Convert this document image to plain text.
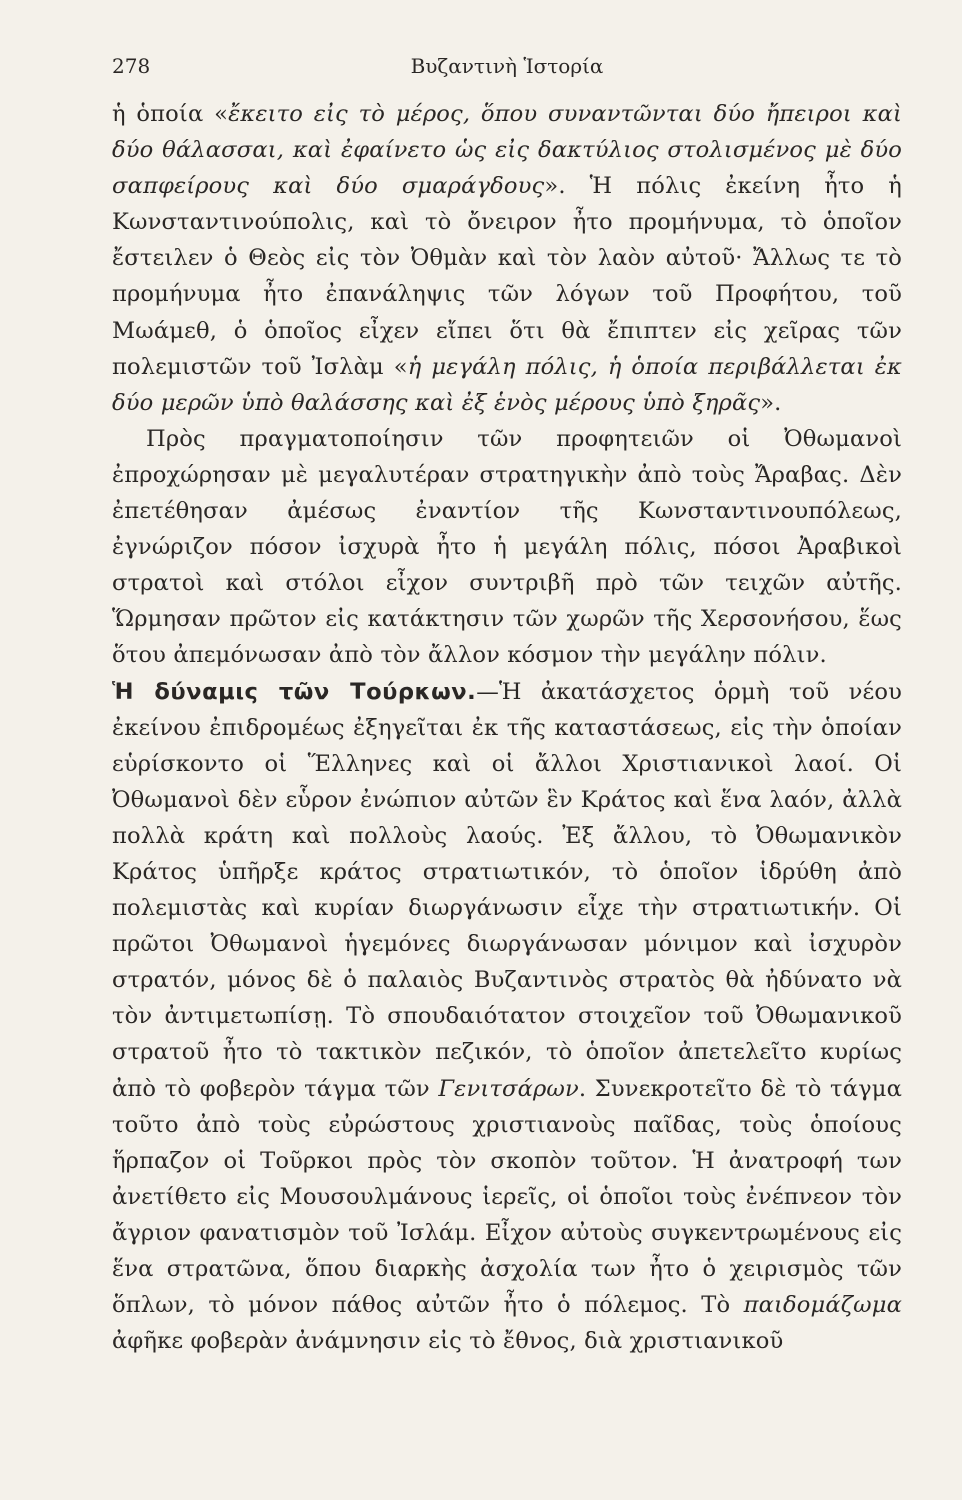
278	Βυζαντινὴ Ἱστορία

ἡ ὁποία «ἔκειτο εἰς τὸ μέρος, ὅπου συναντῶνται δύο ἤπειροι καὶ δύο θάλασσαι, καὶ ἐφαίνετο ὡς εἰς δακτύλιος στολισμένος μὲ δύο σαπφείρους καὶ δύο σμαράγδους». Ἡ πόλις ἐκείνη ἦτο ἡ Κωνσταντινούπολις, καὶ τὸ ὄνειρον ἦτο προμήνυμα, τὸ ὁποῖον ἔστειλεν ὁ Θεὸς εἰς τὸν Ὀθμὰν καὶ τὸν λαὸν αὐτοῦ· Ἄλλως τε τὸ προμήνυμα ἦτο ἐπανάληψις τῶν λόγων τοῦ Προφήτου, τοῦ Μωάμεθ, ὁ ὁποῖος εἶχεν εἴπει ὅτι θὰ ἔπιπτεν εἰς χεῖρας τῶν πολεμιστῶν τοῦ Ἰσλὰμ «ἡ μεγάλη πόλις, ἡ ὁποία περιβάλλεται ἐκ δύο μερῶν ὑπὸ θαλάσσης καὶ ἐξ ἑνὸς μέρους ὑπὸ ξηρᾶς».

Πρὸς πραγματοποίησιν τῶν προφητειῶν οἱ Ὀθωμανοὶ ἐπροχώρησαν μὲ μεγαλυτέραν στρατηγικὴν ἀπὸ τοὺς Ἄραβας. Δὲν ἐπετέθησαν ἀμέσως ἐναντίον τῆς Κωνσταντινουπόλεως, ἐγνώριζον πόσον ἰσχυρὰ ἦτο ἡ μεγάλη πόλις, πόσοι Ἀραβικοὶ στρατοὶ καὶ στόλοι εἶχον συντριβῆ πρὸ τῶν τειχῶν αὐτῆς. Ὥρμησαν πρῶτον εἰς κατάκτησιν τῶν χωρῶν τῆς Χερσονήσου, ἕως ὅτου ἀπεμόνωσαν ἀπὸ τὸν ἄλλον κόσμον τὴν μεγάλην πόλιν.

Ἡ δύναμις τῶν Τούρκων.—Ἡ ἀκατάσχετος ὁρμὴ τοῦ νέου ἐκείνου ἐπιδρομέως ἐξηγεῖται ἐκ τῆς καταστάσεως, εἰς τὴν ὁποίαν εὑρίσκοντο οἱ Ἕλληνες καὶ οἱ ἄλλοι Χριστιανικοὶ λαοί. Οἱ Ὀθωμανοὶ δὲν εὗρον ἐνώπιον αὐτῶν ἓν Κράτος καὶ ἕνα λαόν, ἀλλὰ πολλὰ κράτη καὶ πολλοὺς λαούς. Ἐξ ἄλλου, τὸ Ὀθωμανικὸν Κράτος ὑπῆρξε κράτος στρατιωτικόν, τὸ ὁποῖον ἱδρύθη ἀπὸ πολεμιστὰς καὶ κυρίαν διωργάνωσιν εἶχε τὴν στρατιωτικήν. Οἱ πρῶτοι Ὀθωμανοὶ ἡγεμόνες διωργάνωσαν μόνιμον καὶ ἰσχυρὸν στρατόν, μόνος δὲ ὁ παλαιὸς Βυζαντινὸς στρατὸς θὰ ἠδύνατο νὰ τὸν ἀντιμετωπίσῃ. Τὸ σπουδαιότατον στοιχεῖον τοῦ Ὀθωμανικοῦ στρατοῦ ἦτο τὸ τακτικὸν πεζικόν, τὸ ὁποῖον ἀπετελεῖτο κυρίως ἀπὸ τὸ φοβερὸν τάγμα τῶν Γενιτσάρων. Συνεκροτεῖτο δὲ τὸ τάγμα τοῦτο ἀπὸ τοὺς εὐρώστους χριστιανοὺς παῖδας, τοὺς ὁποίους ἥρπαζον οἱ Τοῦρκοι πρὸς τὸν σκοπὸν τοῦτον. Ἡ ἀνατροφή των ἀνετίθετο εἰς Μουσουλμάνους ἱερεῖς, οἱ ὁποῖοι τοὺς ἐνέπνεον τὸν ἄγριον φανατισμὸν τοῦ Ἰσλάμ. Εἶχον αὐτοὺς συγκεντρωμένους εἰς ἕνα στρατῶνα, ὅπου διαρκὴς ἀσχολία των ἦτο ὁ χειρισμὸς τῶν ὅπλων, τὸ μόνον πάθος αὐτῶν ἦτο ὁ πόλεμος. Τὸ παιδομάζωμα ἀφῆκε φοβερὰν ἀνάμνησιν εἰς τὸ ἔθνος, διὰ χριστιανικοῦ
